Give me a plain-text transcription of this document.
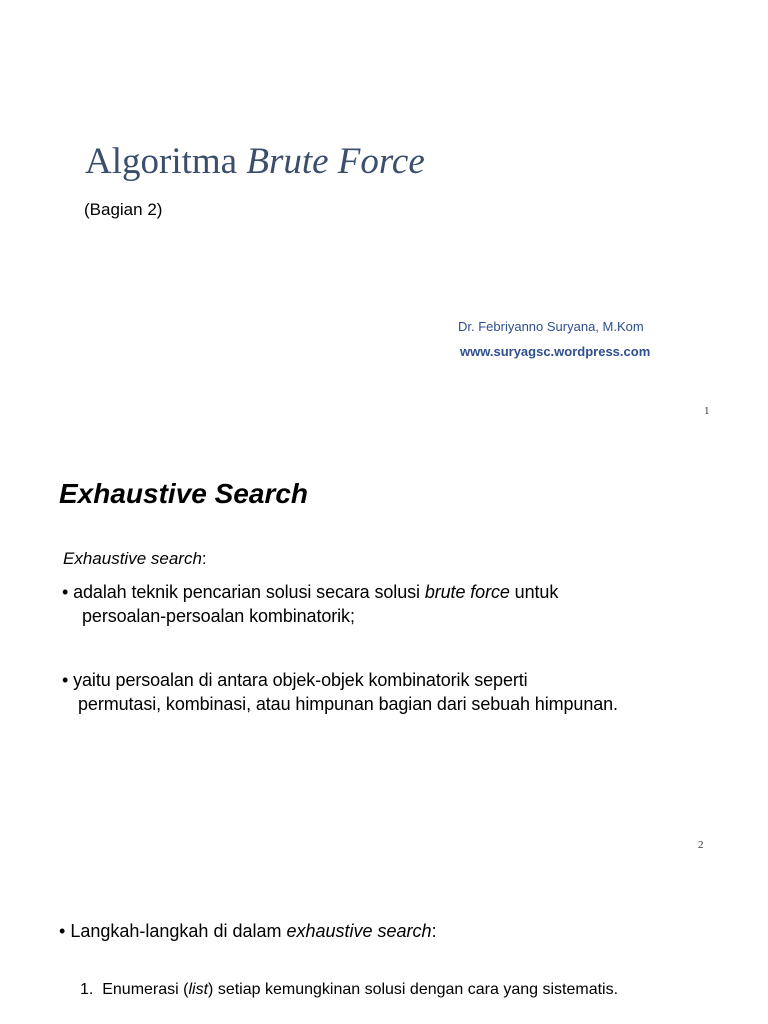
Algoritma Brute Force
(Bagian 2)
Dr. Febriyanno Suryana, M.Kom
www.suryagsc.wordpress.com
1
Exhaustive Search
Exhaustive search:
• adalah teknik pencarian solusi secara solusi brute force untuk
persoalan-persoalan kombinatorik;
• yaitu persoalan di antara objek-objek kombinatorik seperti
permutasi, kombinasi, atau himpunan bagian dari sebuah himpunan.
2
• Langkah-langkah di dalam exhaustive search:
1. Enumerasi (list) setiap kemungkinan solusi dengan cara yang sistematis.
